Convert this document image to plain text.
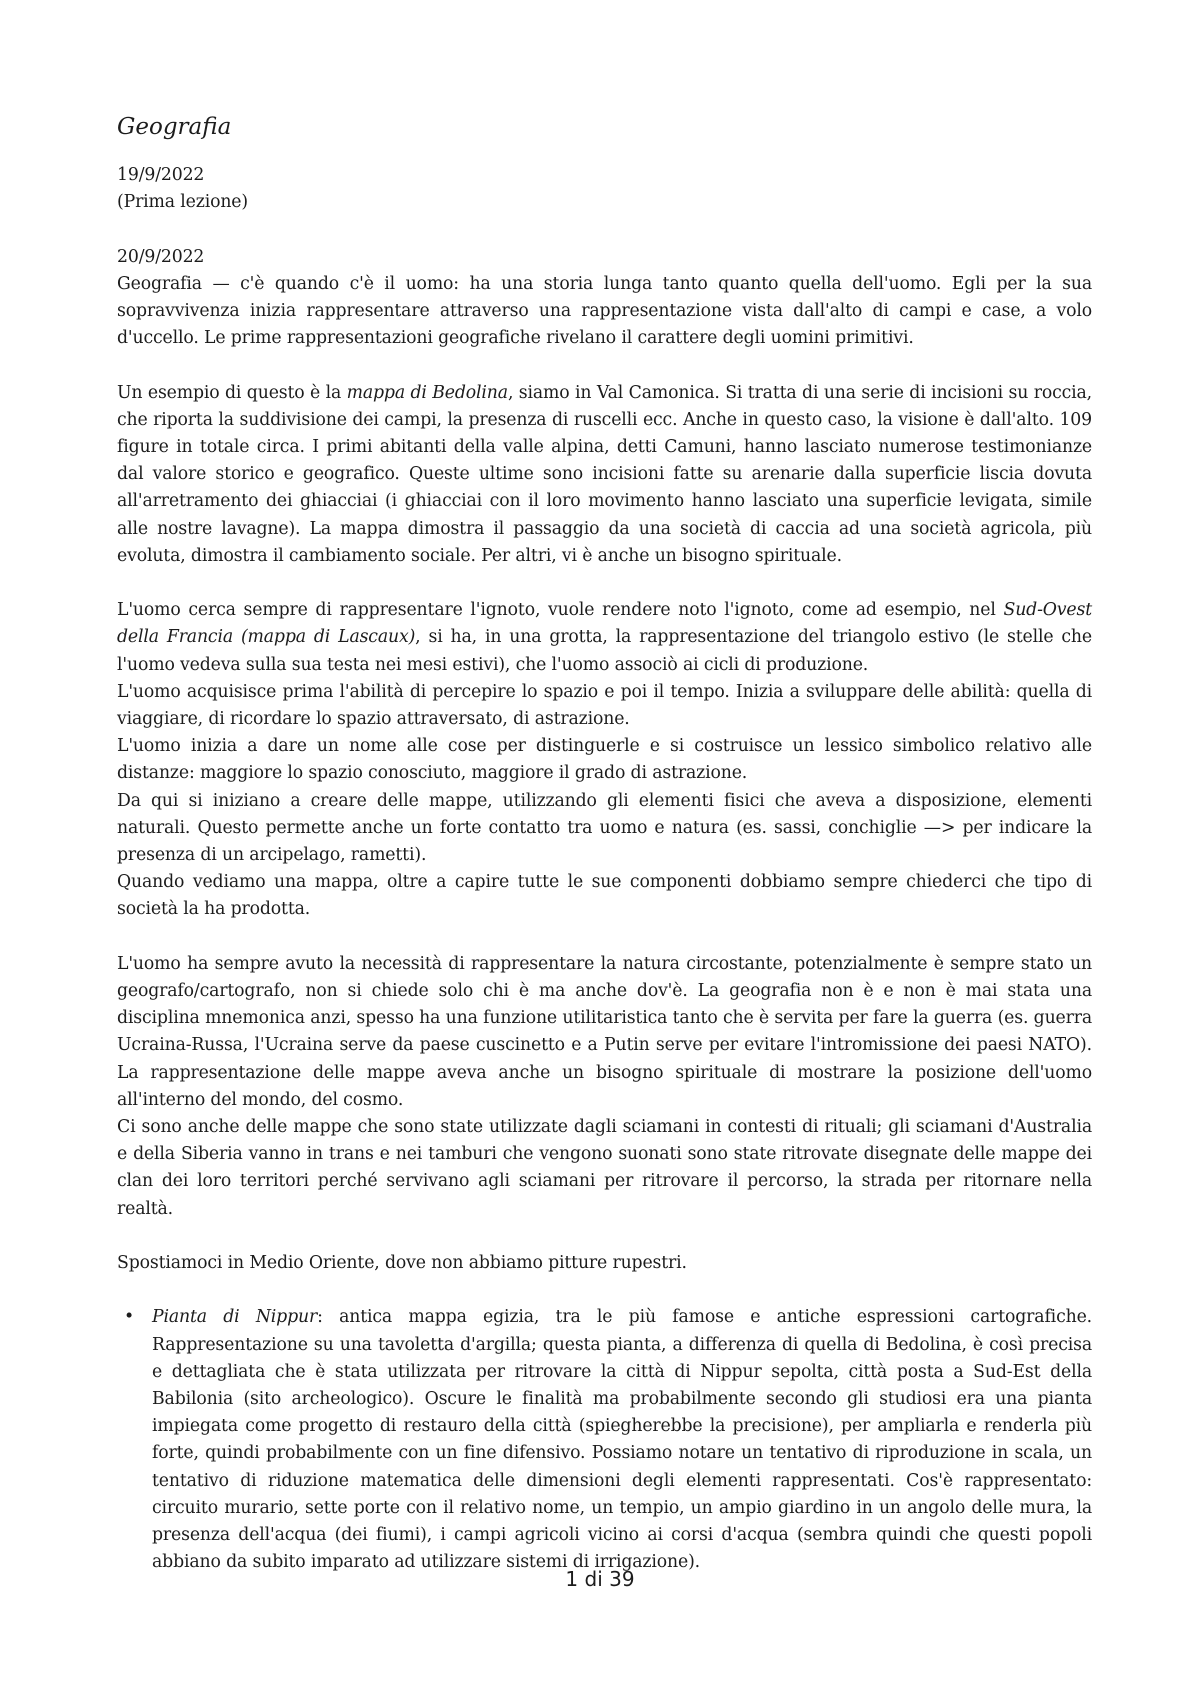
Geografia

19/9/2022

(Prima lezione)

20/9/2022

Geografia — c'è quando c'è il uomo: ha una storia lunga tanto quanto quella dell'uomo. Egli per la sua sopravvivenza inizia rappresentare attraverso una rappresentazione vista dall'alto di campi e case, a volo d'uccello. Le prime rappresentazioni geografiche rivelano il carattere degli uomini primitivi.

Un esempio di questo è la mappa di Bedolina, siamo in Val Camonica. Si tratta di una serie di incisioni su roccia, che riporta la suddivisione dei campi, la presenza di ruscelli ecc. Anche in questo caso, la visione è dall'alto. 109 figure in totale circa. I primi abitanti della valle alpina, detti Camuni, hanno lasciato numerose testimonianze dal valore storico e geografico. Queste ultime sono incisioni fatte su arenarie dalla superficie liscia dovuta all'arretramento dei ghiacciai (i ghiacciai con il loro movimento hanno lasciato una superficie levigata, simile alle nostre lavagne). La mappa dimostra il passaggio da una società di caccia ad una società agricola, più evoluta, dimostra il cambiamento sociale. Per altri, vi è anche un bisogno spirituale.

L'uomo cerca sempre di rappresentare l'ignoto, vuole rendere noto l'ignoto, come ad esempio, nel Sud-Ovest della Francia (mappa di Lascaux), si ha, in una grotta, la rappresentazione del triangolo estivo (le stelle che l'uomo vedeva sulla sua testa nei mesi estivi), che l'uomo associò ai cicli di produzione.

L'uomo acquisisce prima l'abilità di percepire lo spazio e poi il tempo. Inizia a sviluppare delle abilità: quella di viaggiare, di ricordare lo spazio attraversato, di astrazione.

L'uomo inizia a dare un nome alle cose per distinguerle e si costruisce un lessico simbolico relativo alle distanze: maggiore lo spazio conosciuto, maggiore il grado di astrazione.

Da qui si iniziano a creare delle mappe, utilizzando gli elementi fisici che aveva a disposizione, elementi naturali. Questo permette anche un forte contatto tra uomo e natura (es. sassi, conchiglie —> per indicare la presenza di un arcipelago, rametti).

Quando vediamo una mappa, oltre a capire tutte le sue componenti dobbiamo sempre chiederci che tipo di società la ha prodotta.

L'uomo ha sempre avuto la necessità di rappresentare la natura circostante, potenzialmente è sempre stato un geografo/cartografo, non si chiede solo chi è ma anche dov'è. La geografia non è e non è mai stata una disciplina mnemonica anzi, spesso ha una funzione utilitaristica tanto che è servita per fare la guerra (es. guerra Ucraina-Russa, l'Ucraina serve da paese cuscinetto e a Putin serve per evitare l'intromissione dei paesi NATO). La rappresentazione delle mappe aveva anche un bisogno spirituale di mostrare la posizione dell'uomo all'interno del mondo, del cosmo.

Ci sono anche delle mappe che sono state utilizzate dagli sciamani in contesti di rituali; gli sciamani d'Australia e della Siberia vanno in trans e nei tamburi che vengono suonati sono state ritrovate disegnate delle mappe dei clan dei loro territori perché servivano agli sciamani per ritrovare il percorso, la strada per ritornare nella realtà.

Spostiamoci in Medio Oriente, dove non abbiamo pitture rupestri.

• Pianta di Nippur: antica mappa egizia, tra le più famose e antiche espressioni cartografiche. Rappresentazione su una tavoletta d'argilla; questa pianta, a differenza di quella di Bedolina, è così precisa e dettagliata che è stata utilizzata per ritrovare la città di Nippur sepolta, città posta a Sud-Est della Babilonia (sito archeologico). Oscure le finalità ma probabilmente secondo gli studiosi era una pianta impiegata come progetto di restauro della città (spiegherebbe la precisione), per ampliarla e renderla più forte, quindi probabilmente con un fine difensivo. Possiamo notare un tentativo di riproduzione in scala, un tentativo di riduzione matematica delle dimensioni degli elementi rappresentati. Cos'è rappresentato: circuito murario, sette porte con il relativo nome, un tempio, un ampio giardino in un angolo delle mura, la presenza dell'acqua (dei fiumi), i campi agricoli vicino ai corsi d'acqua (sembra quindi che questi popoli abbiano da subito imparato ad utilizzare sistemi di irrigazione).

1 di 39
